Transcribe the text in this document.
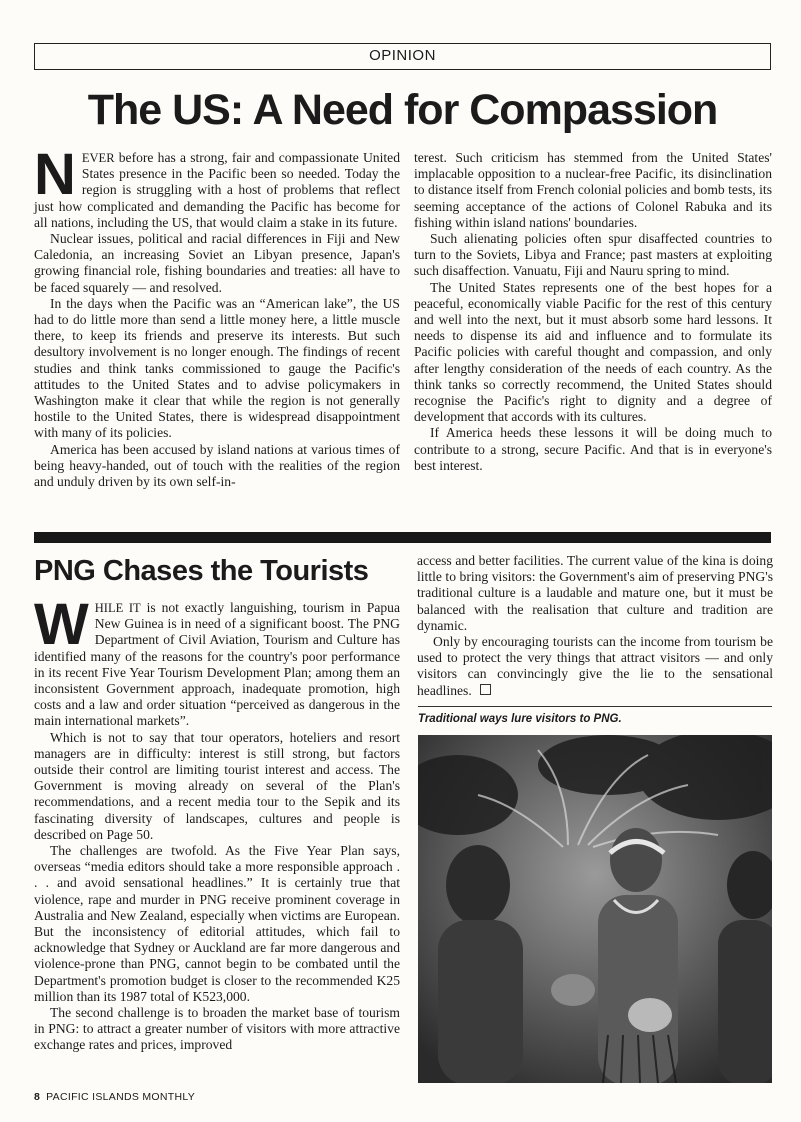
OPINION
The US: A Need for Compassion

NEVER before has a strong, fair and compassionate United States presence in the Pacific been so needed. Today the region is struggling with a host of problems that reflect just how complicated and demanding the Pacific has become for all nations, including the US, that would claim a stake in its future.

Nuclear issues, political and racial differences in Fiji and New Caledonia, an increasing Soviet an Libyan presence, Japan's growing financial role, fishing boundaries and treaties: all have to be faced squarely — and resolved.

In the days when the Pacific was an “American lake”, the US had to do little more than send a little money here, a little muscle there, to keep its friends and preserve its interests. But such desultory involvement is no longer enough. The findings of recent studies and think tanks commissioned to gauge the Pacific's attitudes to the United States and to advise policymakers in Washington make it clear that while the region is not generally hostile to the United States, there is widespread disappointment with many of its policies.

America has been accused by island nations at various times of being heavy-handed, out of touch with the realities of the region and unduly driven by its own self-in-

terest. Such criticism has stemmed from the United States' implacable opposition to a nuclear-free Pacific, its disinclination to distance itself from French colonial policies and bomb tests, its seeming acceptance of the actions of Colonel Rabuka and its fishing within island nations' boundaries.

Such alienating policies often spur disaffected countries to turn to the Soviets, Libya and France; past masters at exploiting such disaffection. Vanuatu, Fiji and Nauru spring to mind.

The United States represents one of the best hopes for a peaceful, economically viable Pacific for the rest of this century and well into the next, but it must absorb some hard lessons. It needs to dispense its aid and influence and to formulate its Pacific policies with careful thought and compassion, and only after lengthy consideration of the needs of each country. As the think tanks so correctly recommend, the United States should recognise the Pacific's right to dignity and a degree of development that accords with its cultures.

If America heeds these lessons it will be doing much to contribute to a strong, secure Pacific. And that is in everyone's best interest.

PNG Chases the Tourists

WHILE IT is not exactly languishing, tourism in Papua New Guinea is in need of a significant boost. The PNG Department of Civil Aviation, Tourism and Culture has identified many of the reasons for the country's poor performance in its recent Five Year Tourism Development Plan; among them an inconsistent Government approach, inadequate promotion, high costs and a law and order situation “perceived as dangerous in the main international markets”.

Which is not to say that tour operators, hoteliers and resort managers are in difficulty: interest is still strong, but factors outside their control are limiting tourist interest and access. The Government is moving already on several of the Plan's recommendations, and a recent media tour to the Sepik and its fascinating diversity of landscapes, cultures and people is described on Page 50.

The challenges are twofold. As the Five Year Plan says, overseas “media editors should take a more responsible approach . . . and avoid sensational headlines.” It is certainly true that violence, rape and murder in PNG receive prominent coverage in Australia and New Zealand, especially when victims are European. But the inconsistency of editorial attitudes, which fail to acknowledge that Sydney or Auckland are far more dangerous and violence-prone than PNG, cannot begin to be combated until the Department's promotion budget is closer to the recommended K25 million than its 1987 total of K523,000.

The second challenge is to broaden the market base of tourism in PNG: to attract a greater number of visitors with more attractive exchange rates and prices, improved

access and better facilities. The current value of the kina is doing little to bring visitors: the Government's aim of preserving PNG's traditional culture is a laudable and mature one, but it must be balanced with the realisation that culture and tradition are dynamic.

Only by encouraging tourists can the income from tourism be used to protect the very things that attract visitors — and only visitors can convincingly give the lie to the sensational headlines.

Traditional ways lure visitors to PNG.
8 PACIFIC ISLANDS MONTHLY
